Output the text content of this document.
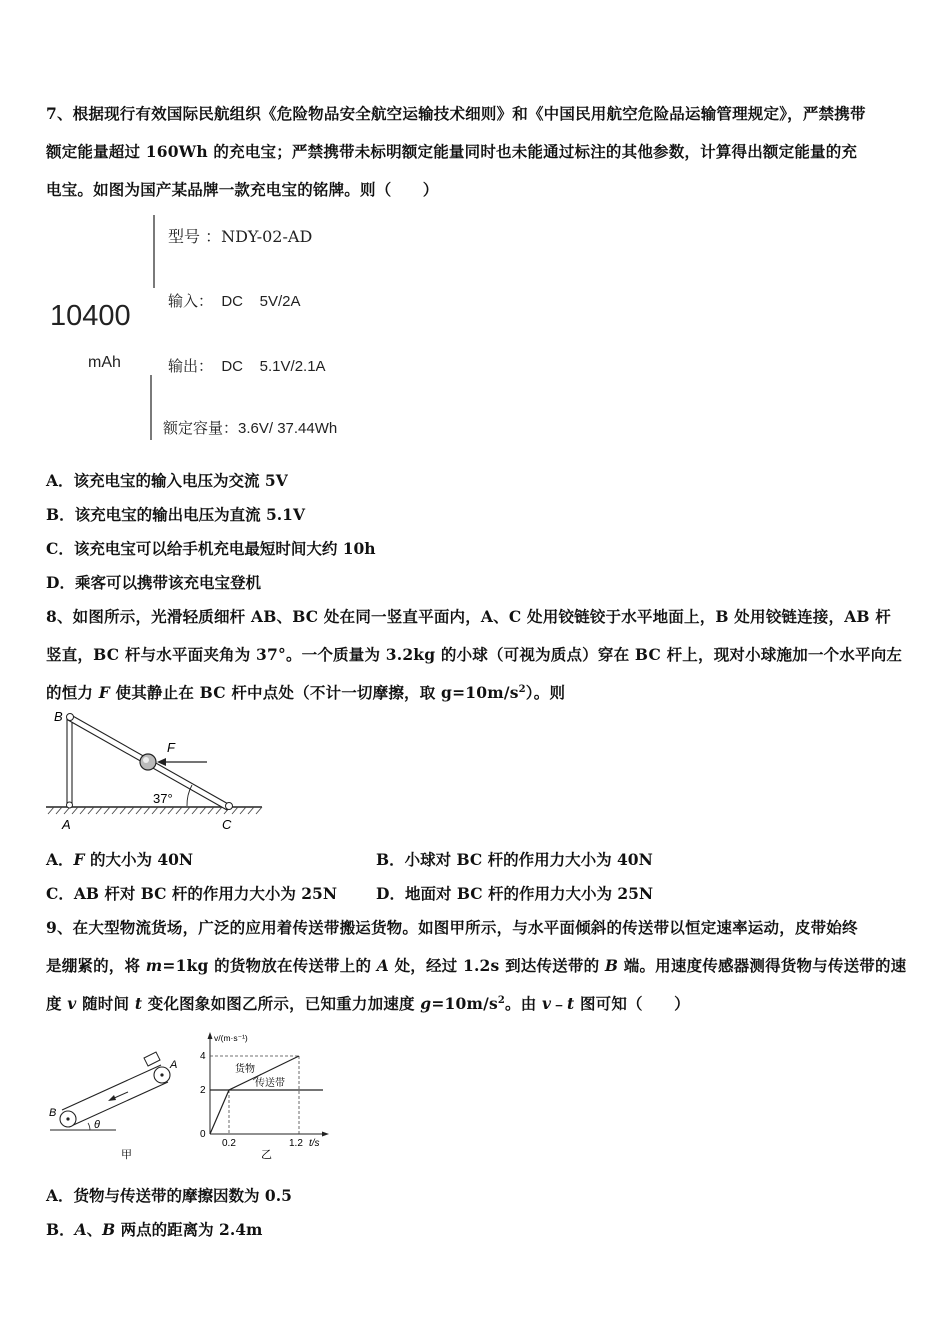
7、根据现行有效国际民航组织《危险物品安全航空运输技术细则》和《中国民用航空危险品运输管理规定》，严禁携带
额定能量超过 160Wh 的充电宝；严禁携带未标明额定能量同时也未能通过标注的其他参数，计算得出额定能量的充
电宝。如图为国产某品牌一款充电宝的铭牌。则（　　）
10400
mAh
型号 ：NDY-02-AD
输入：  DC    5V/2A
输出：  DC    5.1V/2.1A
额定容量：3.6V/ 37.44Wh
A．该充电宝的输入电压为交流 5V
B．该充电宝的输出电压为直流 5.1V
C．该充电宝可以给手机充电最短时间大约 10h
D．乘客可以携带该充电宝登机
8、如图所示，光滑轻质细杆 AB、BC 处在同一竖直平面内，A、C 处用铰链铰于水平地面上，B 处用铰链连接，AB 杆
竖直，BC 杆与水平面夹角为 37°。一个质量为 3.2kg 的小球（可视为质点）穿在 BC 杆上，现对小球施加一个水平向左
的恒力 F 使其静止在 BC 杆中点处（不计一切摩擦，取 $g=10m/s^2$）。则
B
A	C
F
37°
A．F 的大小为 40N	B．小球对 BC 杆的作用力大小为 40N
C．AB 杆对 BC 杆的作用力大小为 25N	D．地面对 BC 杆的作用力大小为 25N
9、在大型物流货场，广泛的应用着传送带搬运货物。如图甲所示，与水平面倾斜的传送带以恒定速率运动，皮带始终
是绷紧的，将 m=1kg 的货物放在传送带上的 A 处，经过 1.2s 到达传送带的 B 端。用速度传感器测得货物与传送带的速
度 v 随时间 t 变化图象如图乙所示，已知重力加速度 $g=10m/s^2$。由 v﹣t 图可知（　　）
θ
A
B
甲
v/(m·s⁻¹)
4
2
0
0.2	1.2 t/s
货物
传送带
乙
A．货物与传送带的摩擦因数为 0.5
B．A、B 两点的距离为 2.4m
